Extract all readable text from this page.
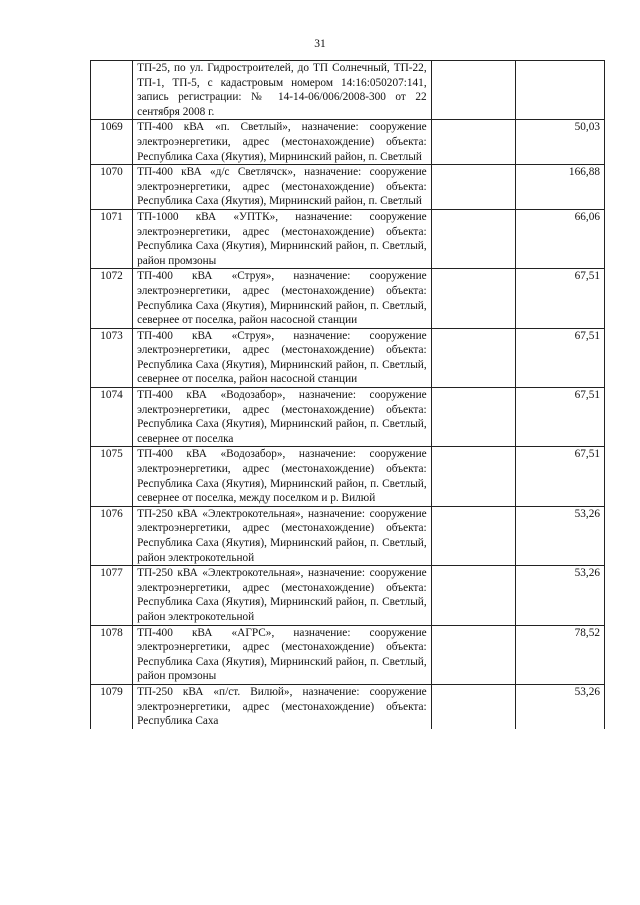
31
	ТП-25, по ул. Гидростроителей, до ТП Солнечный, ТП-22, ТП-1, ТП-5, с кадастровым номером 14:16:050207:141, запись регистрации: № 14-14-06/006/2008-300 от 22 сентября 2008 г.		
1069	ТП-400 кВА «п. Светлый», назначение: сооружение электроэнергетики, адрес (местонахождение) объекта: Республика Саха (Якутия), Мирнинский район, п. Светлый		50,03
1070	ТП-400 кВА «д/с Светлячск», назначение: сооружение электроэнергетики, адрес (местонахождение) объекта: Республика Саха (Якутия), Мирнинский район, п. Светлый		166,88
1071	ТП-1000 кВА «УПТК», назначение: сооружение электроэнергетики, адрес (местонахождение) объекта: Республика Саха (Якутия), Мирнинский район, п. Светлый, район промзоны		66,06
1072	ТП-400 кВА «Струя», назначение: сооружение электроэнергетики, адрес (местонахождение) объекта: Республика Саха (Якутия), Мирнинский район, п. Светлый, севернее от поселка, район насосной станции		67,51
1073	ТП-400 кВА «Струя», назначение: сооружение электроэнергетики, адрес (местонахождение) объекта: Республика Саха (Якутия), Мирнинский район, п. Светлый, севернее от поселка, район насосной станции		67,51
1074	ТП-400 кВА «Водозабор», назначение: сооружение электроэнергетики, адрес (местонахождение) объекта: Республика Саха (Якутия), Мирнинский район, п. Светлый, севернее от поселка		67,51
1075	ТП-400 кВА «Водозабор», назначение: сооружение электроэнергетики, адрес (местонахождение) объекта: Республика Саха (Якутия), Мирнинский район, п. Светлый, севернее от поселка, между поселком и р. Вилюй		67,51
1076	ТП-250 кВА «Электрокотельная», назначение: сооружение электроэнергетики, адрес (местонахождение) объекта: Республика Саха (Якутия), Мирнинский район, п. Светлый, район электрокотельной		53,26
1077	ТП-250 кВА «Электрокотельная», назначение: сооружение электроэнергетики, адрес (местонахождение) объекта: Республика Саха (Якутия), Мирнинский район, п. Светлый, район электрокотельной		53,26
1078	ТП-400 кВА «АГРС», назначение: сооружение электроэнергетики, адрес (местонахождение) объекта: Республика Саха (Якутия), Мирнинский район, п. Светлый, район промзоны		78,52
1079	ТП-250 кВА «п/ст. Вилюй», назначение: сооружение электроэнергетики, адрес (местонахождение) объекта: Республика Саха		53,26
